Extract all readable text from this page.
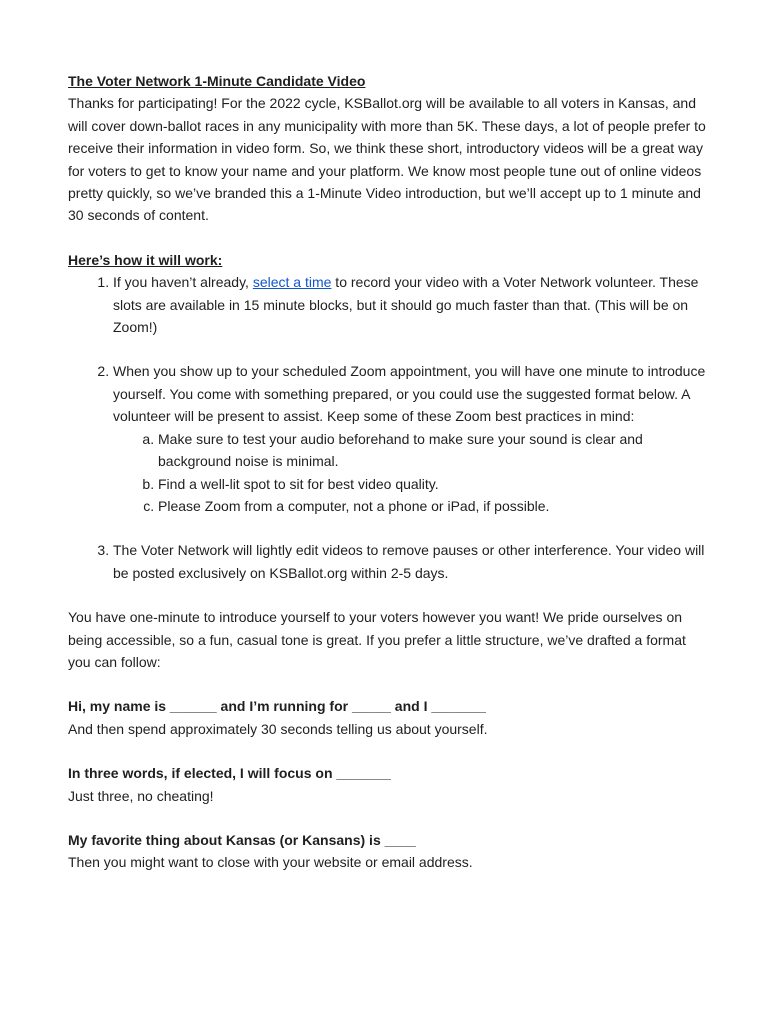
The Voter Network 1-Minute Candidate Video

Thanks for participating! For the 2022 cycle, KSBallot.org will be available to all voters in Kansas, and will cover down-ballot races in any municipality with more than 5K. These days, a lot of people prefer to receive their information in video form. So, we think these short, introductory videos will be a great way for voters to get to know your name and your platform. We know most people tune out of online videos pretty quickly, so we’ve branded this a 1-Minute Video introduction, but we’ll accept up to 1 minute and 30 seconds of content.

Here’s how it will work:

1. If you haven’t already, select a time to record your video with a Voter Network volunteer. These slots are available in 15 minute blocks, but it should go much faster than that. (This will be on Zoom!)
2. When you show up to your scheduled Zoom appointment, you will have one minute to introduce yourself. You come with something prepared, or you could use the suggested format below. A volunteer will be present to assist. Keep some of these Zoom best practices in mind:
a. Make sure to test your audio beforehand to make sure your sound is clear and background noise is minimal.
b. Find a well-lit spot to sit for best video quality.
c. Please Zoom from a computer, not a phone or iPad, if possible.
3. The Voter Network will lightly edit videos to remove pauses or other interference. Your video will be posted exclusively on KSBallot.org within 2-5 days.

You have one-minute to introduce yourself to your voters however you want! We pride ourselves on being accessible, so a fun, casual tone is great. If you prefer a little structure, we’ve drafted a format you can follow:

Hi, my name is ______ and I’m running for _____ and I _______

And then spend approximately 30 seconds telling us about yourself.

In three words, if elected, I will focus on _______

Just three, no cheating!

My favorite thing about Kansas (or Kansans) is ____

Then you might want to close with your website or email address.
